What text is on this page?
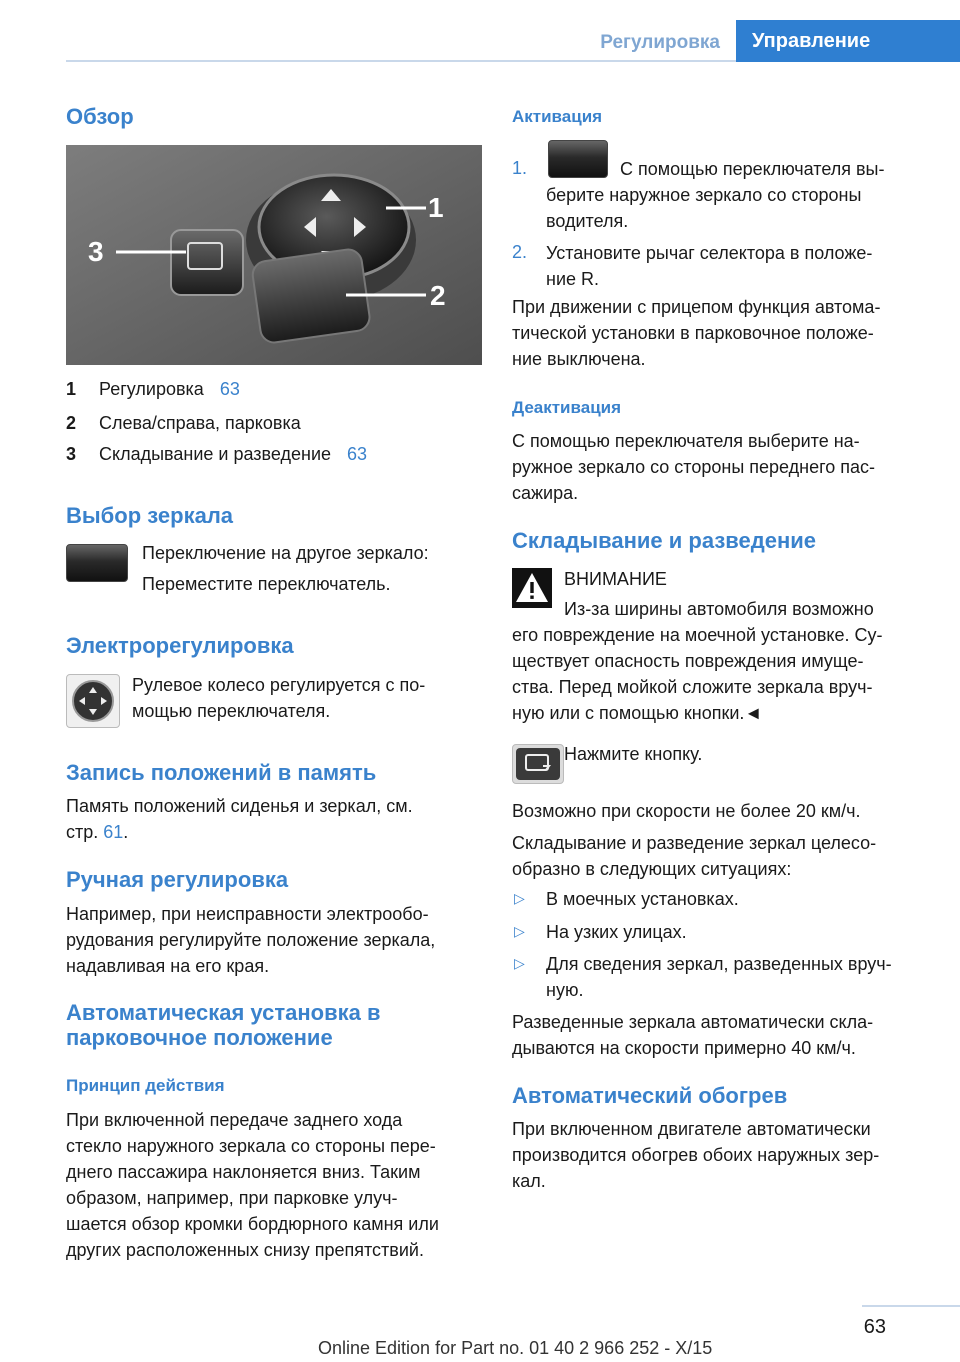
Регулировка	Управление
Обзор
1
2
3
1 Регулировка 63
2 Слева/справа, парковка
3 Складывание и разведение 63
Выбор зеркала
Переключение на другое зеркало:
Переместите переключатель.
Электрорегулировка
Рулевое колесо регулируется с по-
мощью переключателя.
Запись положений в память
Память положений сиденья и зеркал, см.
стр. 61.
Ручная регулировка
Например, при неисправности электрообо-
рудования регулируйте положение зеркала,
надавливая на его края.
Автоматическая установка в
парковочное положение
Принцип действия
При включенной передаче заднего хода
стекло наружного зеркала со стороны пере-
днего пассажира наклоняется вниз. Таким
образом, например, при парковке улуч-
шается обзор кромки бордюрного камня или
других расположенных снизу препятствий.
Активация
1.	С помощью переключателя вы-
берите наружное зеркало со стороны
водителя.
2. Установите рычаг селектора в положе-
ние R.
При движении с прицепом функция автома-
тической установки в парковочное положе-
ние выключена.
Деактивация
С помощью переключателя выберите на-
ружное зеркало со стороны переднего пас-
сажира.
Складывание и разведение
ВНИМАНИЕ
Из-за ширины автомобиля возможно
его повреждение на моечной установке. Су-
ществует опасность повреждения имуще-
ства. Перед мойкой сложите зеркала вруч-
ную или с помощью кнопки.◄
Нажмите кнопку.
Возможно при скорости не более 20 км/ч.
Складывание и разведение зеркал целесо-
образно в следующих ситуациях:
▷ В моечных установках.
▷ На узких улицах.
▷ Для сведения зеркал, разведенных вруч-
ную.
Разведенные зеркала автоматически скла-
дываются на скорости примерно 40 км/ч.
Автоматический обогрев
При включенном двигателе автоматически
производится обогрев обоих наружных зер-
кал.
63
Online Edition for Part no. 01 40 2 966 252 - X/15
